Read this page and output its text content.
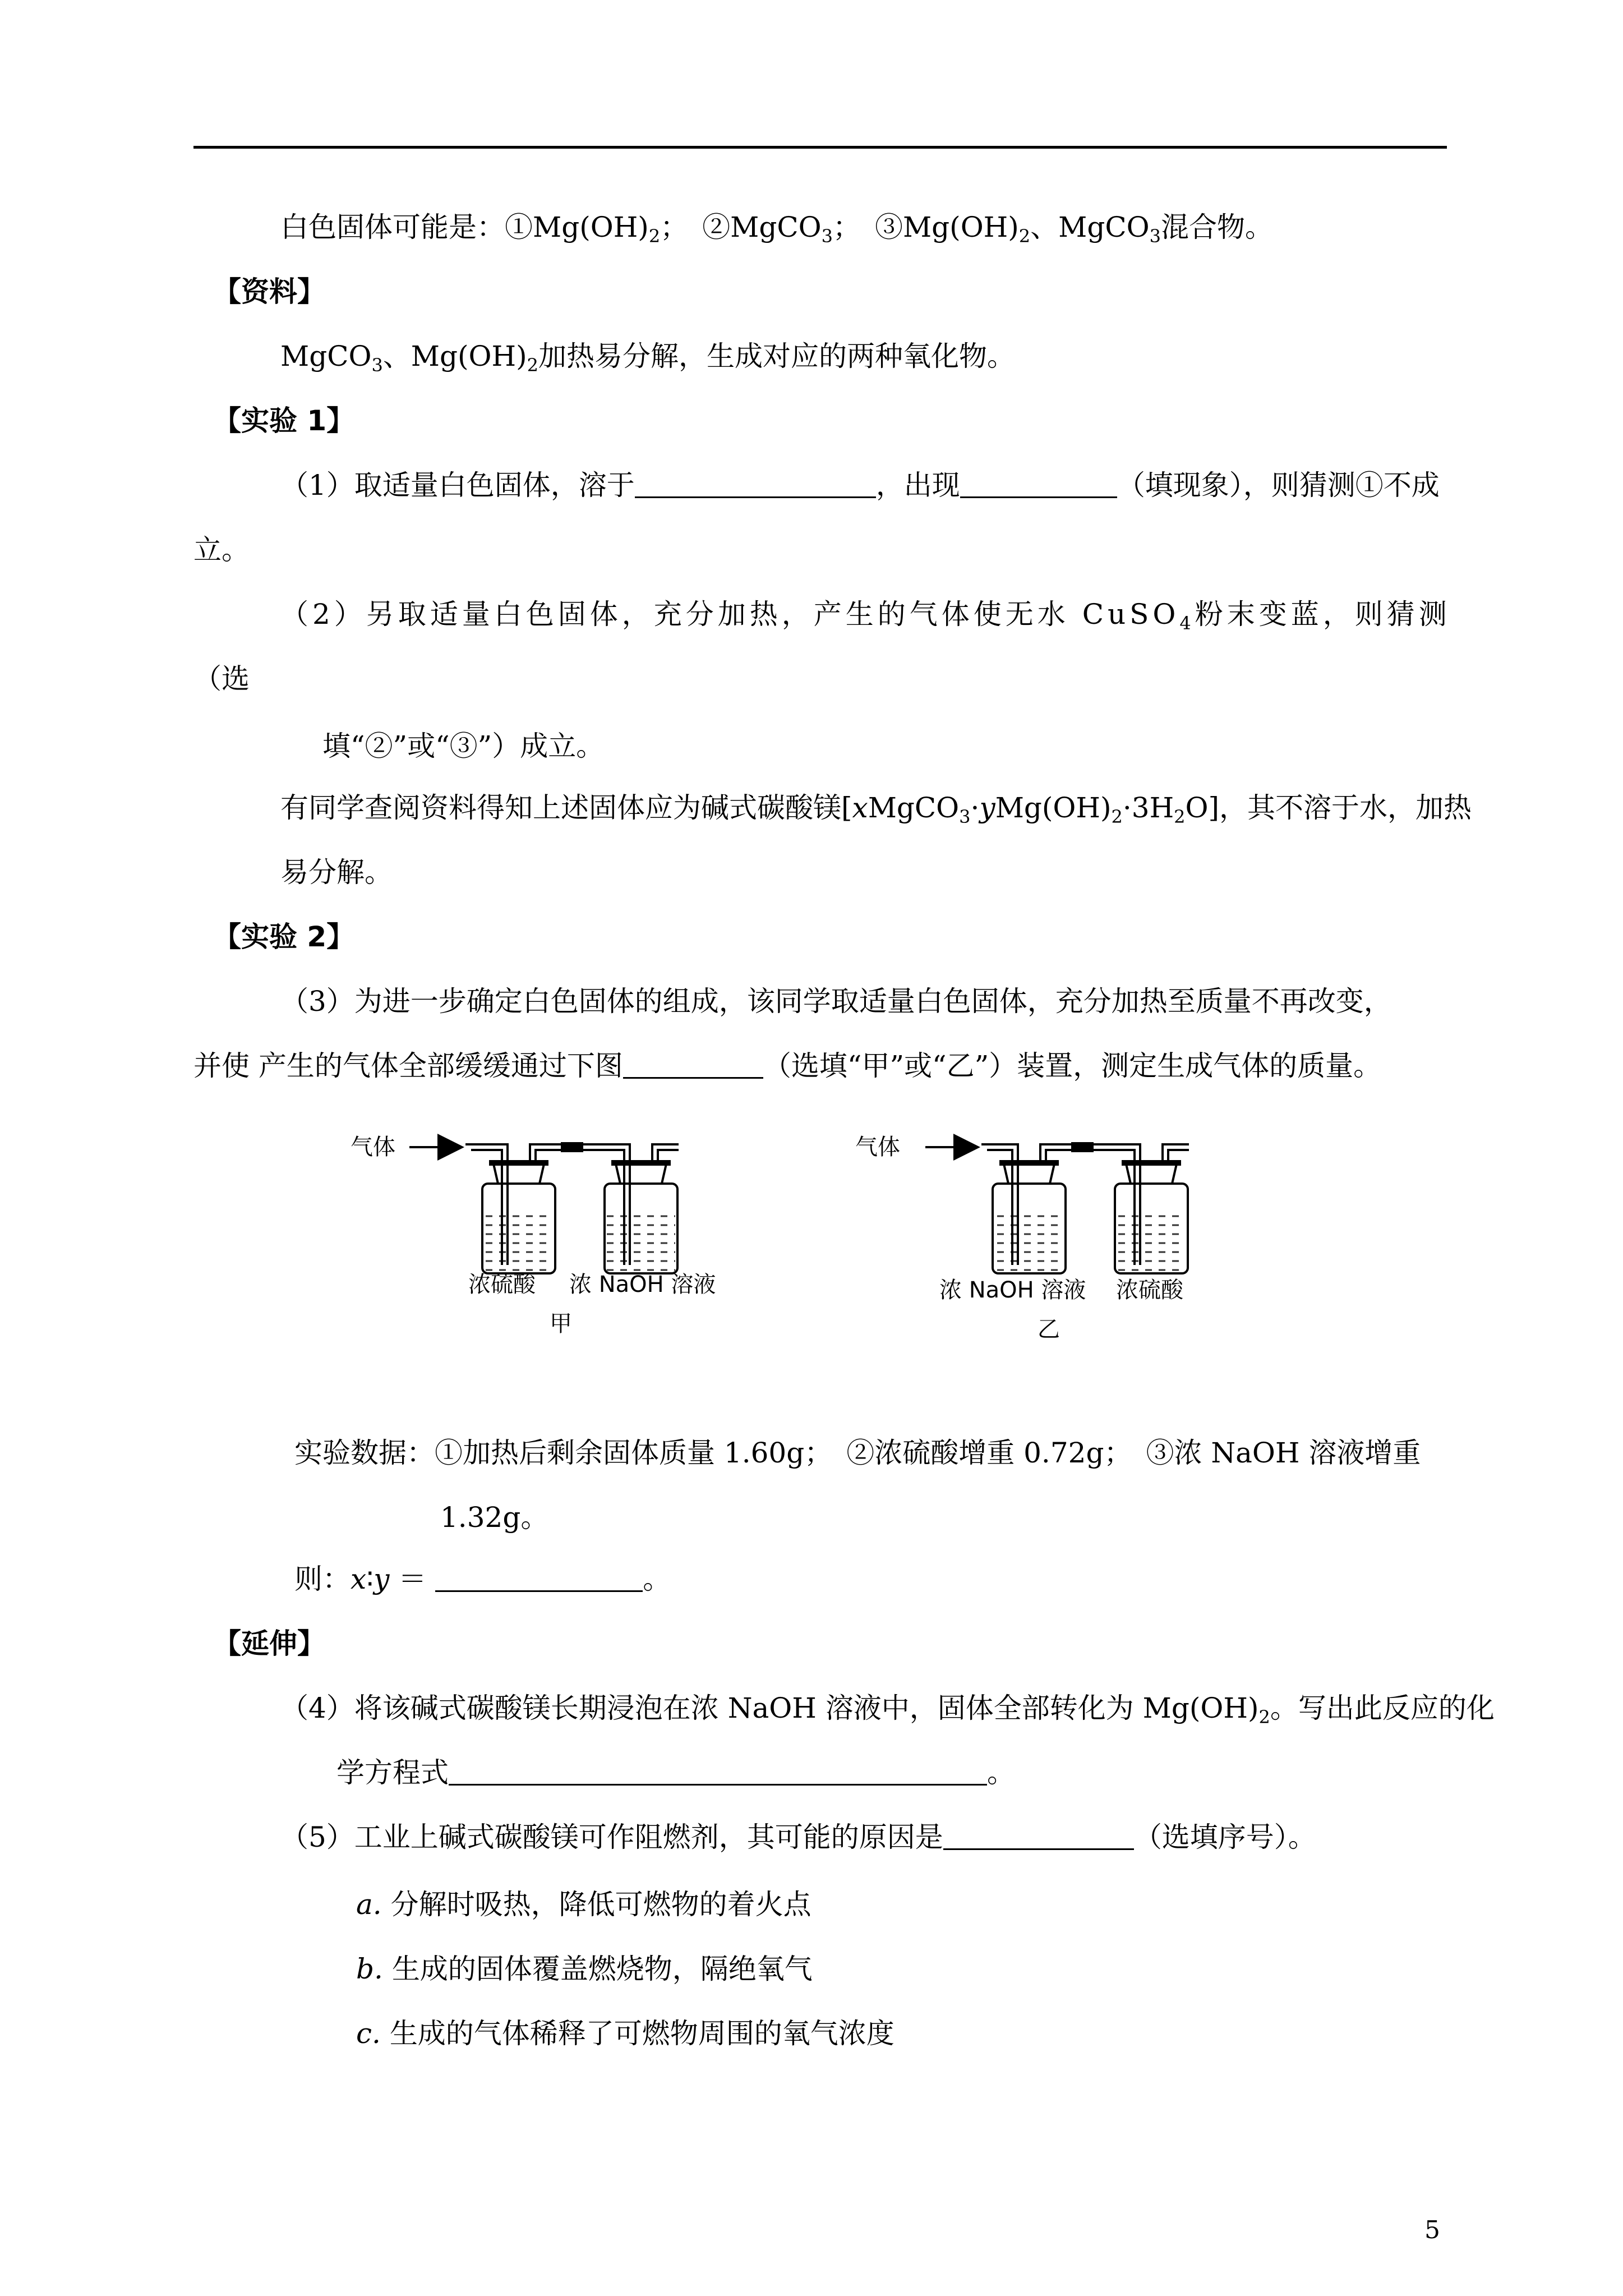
白色固体可能是：$①Mg(OH)_2$；　②MgCO$_3$；　$③Mg(OH)_2$、MgCO$_3$混合物。
【资料】
MgCO$_3$、$Mg(OH)_2$加热易分解，生成对应的两种氧化物。
【实验 1】
（1）取适量白色固体，溶于	，出现	（填现象），则猜测①不成
立。
（2）另取适量白色固体，充分加热，产生的气体使无水 CuSO$_4$粉末变蓝，则猜测
（选
填“②”或“③”）成立。
有同学查阅资料得知上述固体应为碱式碳酸镁$[xMgCO_3\cdot yMg(OH)_2\cdot 3H_2O]$，其不溶于水，加热
易分解。
【实验 2】
（3）为进一步确定白色固体的组成，该同学取适量白色固体，充分加热至质量不再改变，
并使 产生的气体全部缓缓通过下图	（选填“甲”或“乙”）装置，测定生成气体的质量。
气体
浓硫酸 浓 NaOH 溶液
甲
气体
浓 NaOH 溶液 浓硫酸
乙
实验数据：①加热后剩余固体质量 1.60g；　②浓硫酸增重 0.72g；　③浓 NaOH 溶液增重
1.32g。
则：x∶y ＝	。
【延伸】
（4）将该碱式碳酸镁长期浸泡在浓 NaOH 溶液中，固体全部转化为 $Mg(OH)_2$。写出此反应的化
学方程式	。
（5）工业上碱式碳酸镁可作阻燃剂，其可能的原因是	（选填序号）。
a. 分解时吸热，降低可燃物的着火点
b. 生成的固体覆盖燃烧物，隔绝氧气
c. 生成的气体稀释了可燃物周围的氧气浓度
5
